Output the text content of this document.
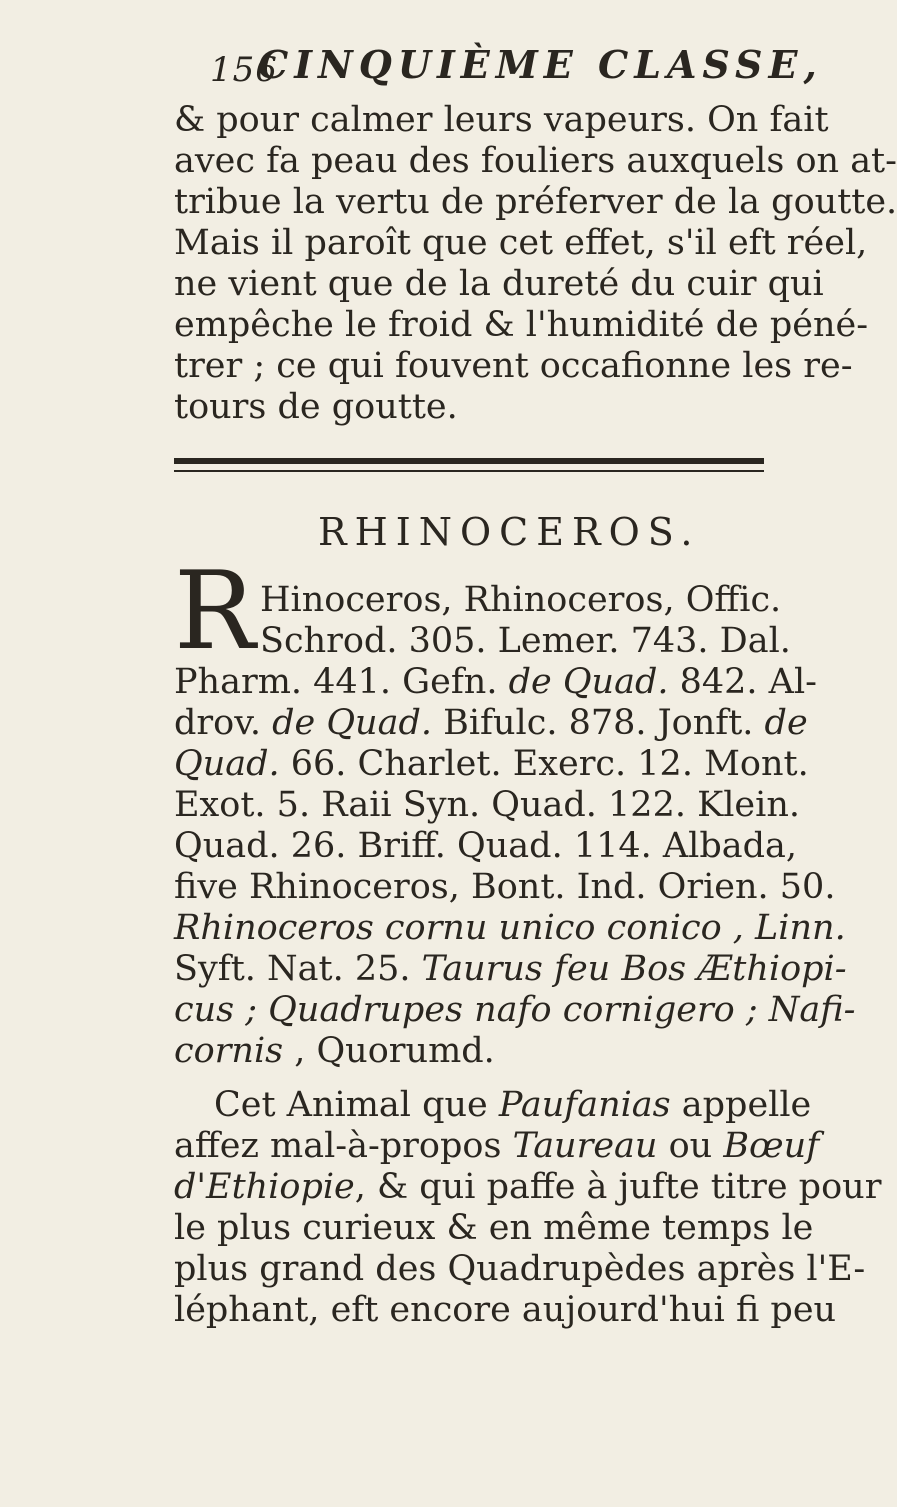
156
CINQUIÈME CLASSE,
& pour calmer leurs vapeurs. On fait
avec fa peau des fouliers auxquels on at-
tribue la vertu de préferver de la goutte.
Mais il paroît que cet effet, s'il eft réel,
ne vient que de la dureté du cuir qui
empêche le froid & l'humidité de péné-
trer ; ce qui fouvent occafionne les re-
tours de goutte.
RHINOCEROS.
R Hinoceros, Rhinoceros, Offic.
Schrod. 305. Lemer. 743. Dal.
Pharm. 441. Gefn. de Quad. 842. Al-
drov. de Quad. Bifulc. 878. Jonft. de
Quad. 66. Charlet. Exerc. 12. Mont.
Exot. 5. Raii Syn. Quad. 122. Klein.
Quad. 26. Briff. Quad. 114. Albada,
five Rhinoceros, Bont. Ind. Orien. 50.
Rhinoceros cornu unico conico , Linn.
Syft. Nat. 25. Taurus feu Bos Æthiopi-
cus ; Quadrupes nafo cornigero ; Nafi-
cornis , Quorumd.
Cet Animal que Paufanias appelle
affez mal-à-propos Taureau ou Bœuf
d'Ethiopie, & qui paffe à jufte titre pour
le plus curieux & en même temps le
plus grand des Quadrupèdes après l'E-
léphant, eft encore aujourd'hui fi peu
